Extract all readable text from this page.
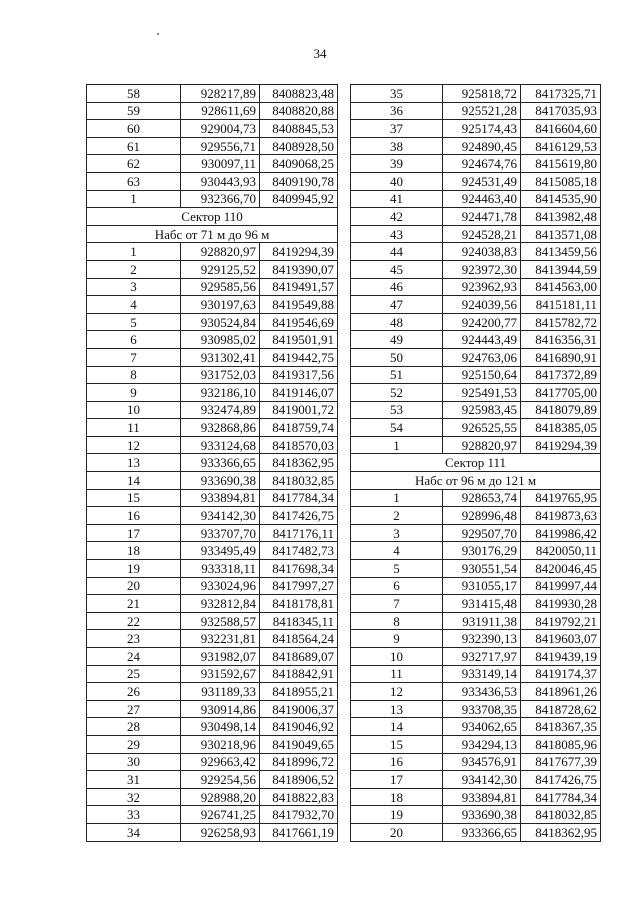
34
58	928217,89	8408823,48
59	928611,69	8408820,88
60	929004,73	8408845,53
61	929556,71	8408928,50
62	930097,11	8409068,25
63	930443,93	8409190,78
1	932366,70	8409945,92
Сектор 110		
Набс от 71 м до 96 м		
1	928820,97	8419294,39
2	929125,52	8419390,07
3	929585,56	8419491,57
4	930197,63	8419549,88
5	930524,84	8419546,69
6	930985,02	8419501,91
7	931302,41	8419442,75
8	931752,03	8419317,56
9	932186,10	8419146,07
10	932474,89	8419001,72
11	932868,86	8418759,74
12	933124,68	8418570,03
13	933366,65	8418362,95
14	933690,38	8418032,85
15	933894,81	8417784,34
16	934142,30	8417426,75
17	933707,70	8417176,11
18	933495,49	8417482,73
19	933318,11	8417698,34
20	933024,96	8417997,27
21	932812,84	8418178,81
22	932588,57	8418345,11
23	932231,81	8418564,24
24	931982,07	8418689,07
25	931592,67	8418842,91
26	931189,33	8418955,21
27	930914,86	8419006,37
28	930498,14	8419046,92
29	930218,96	8419049,65
30	929663,42	8418996,72
31	929254,56	8418906,52
32	928988,20	8418822,83
33	926741,25	8417932,70
34	926258,93	8417661,19
35	925818,72	8417325,71
36	925521,28	8417035,93
37	925174,43	8416604,60
38	924890,45	8416129,53
39	924674,76	8415619,80
40	924531,49	8415085,18
41	924463,40	8414535,90
42	924471,78	8413982,48
43	924528,21	8413571,08
44	924038,83	8413459,56
45	923972,30	8413944,59
46	923962,93	8414563,00
47	924039,56	8415181,11
48	924200,77	8415782,72
49	924443,49	8416356,31
50	924763,06	8416890,91
51	925150,64	8417372,89
52	925491,53	8417705,00
53	925983,45	8418079,89
54	926525,55	8418385,05
1	928820,97	8419294,39
Сектор 111		
Набс от 96 м до 121 м		
1	928653,74	8419765,95
2	928996,48	8419873,63
3	929507,70	8419986,42
4	930176,29	8420050,11
5	930551,54	8420046,45
6	931055,17	8419997,44
7	931415,48	8419930,28
8	931911,38	8419792,21
9	932390,13	8419603,07
10	932717,97	8419439,19
11	933149,14	8419174,37
12	933436,53	8418961,26
13	933708,35	8418728,62
14	934062,65	8418367,35
15	934294,13	8418085,96
16	934576,91	8417677,39
17	934142,30	8417426,75
18	933894,81	8417784,34
19	933690,38	8418032,85
20	933366,65	8418362,95
